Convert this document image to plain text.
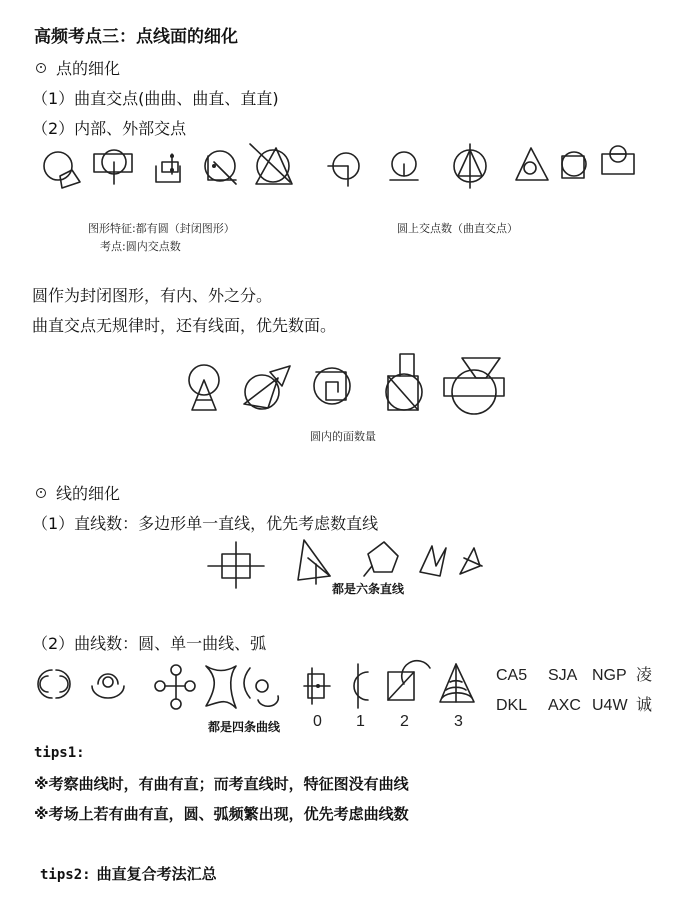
高频考点三：点线面的细化
点的细化
（1）曲直交点(曲曲、曲直、直直)
（2）内部、外部交点
图形特征:都有圆（封闭图形）
考点:圆内交点数
圆上交点数（曲直交点）
圆作为封闭图形，有内、外之分。
曲直交点无规律时，还有线面，优先数面。
圆内的面数量
线的细化
（1）直线数：多边形单一直线，优先考虑数直线
都是六条直线
（2）曲线数：圆、单一曲线、弧
0 1 2	3
CA5 SJA NGP 凌
DKL AXC U4W 诚
都是四条曲线
tips1:
※考察曲线时，有曲有直；而考直线时，特征图没有曲线
※考场上若有曲有直，圆、弧频繁出现，优先考虑曲线数
tips2: 曲直复合考法汇总
